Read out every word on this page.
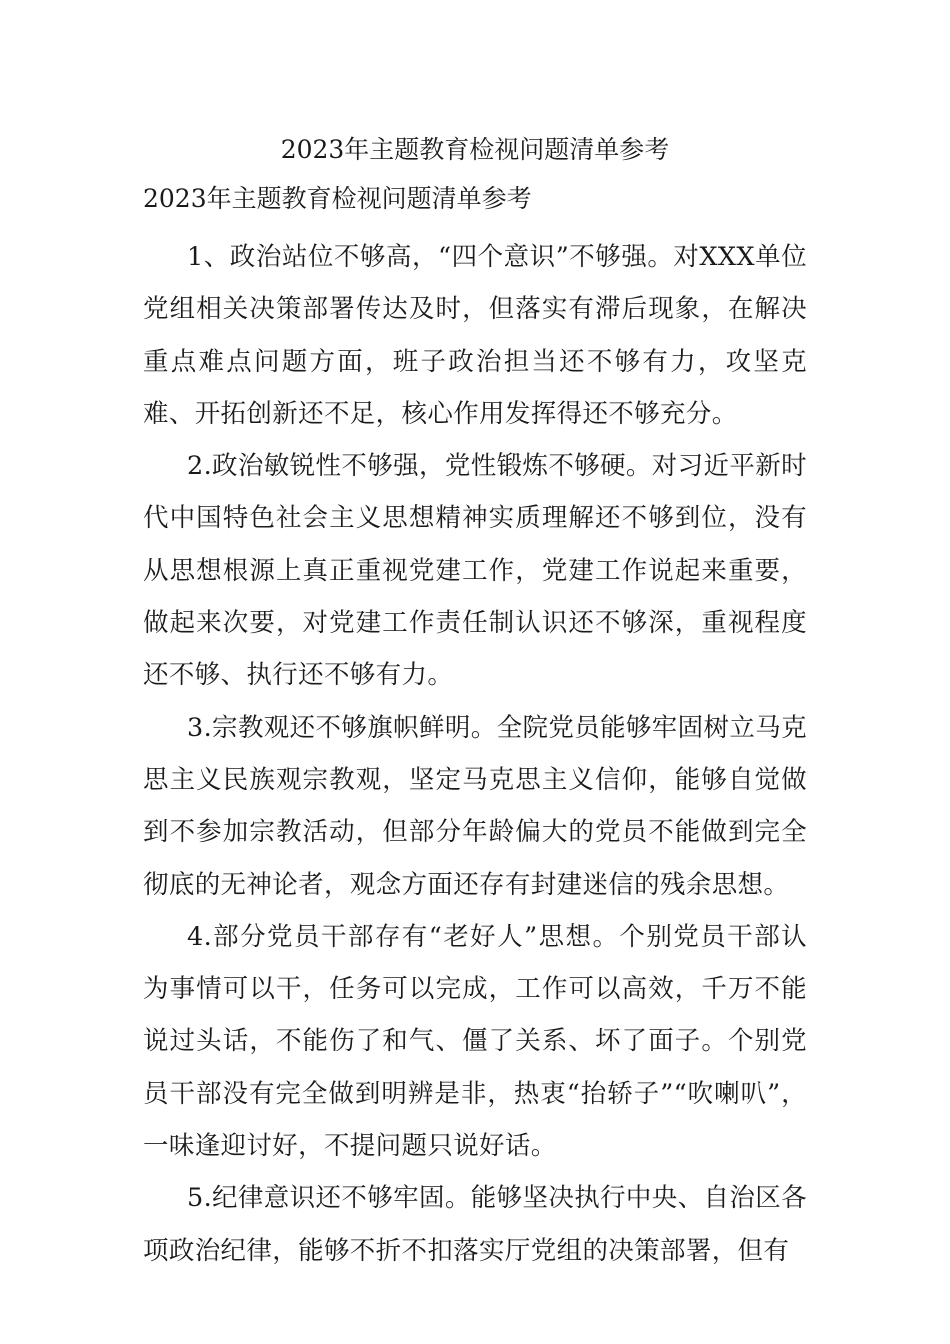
2023年主题教育检视问题清单参考
2023年主题教育检视问题清单参考

1、政治站位不够高，“四个意识”不够强。对XXX单位党组相关决策部署传达及时，但落实有滞后现象，在解决重点难点问题方面，班子政治担当还不够有力，攻坚克难、开拓创新还不足，核心作用发挥得还不够充分。

2.政治敏锐性不够强，党性锻炼不够硬。对习近平新时代中国特色社会主义思想精神实质理解还不够到位，没有从思想根源上真正重视党建工作，党建工作说起来重要，做起来次要，对党建工作责任制认识还不够深，重视程度还不够、执行还不够有力。

3.宗教观还不够旗帜鲜明。全院党员能够牢固树立马克思主义民族观宗教观，坚定马克思主义信仰，能够自觉做到不参加宗教活动，但部分年龄偏大的党员不能做到完全彻底的无神论者，观念方面还存有封建迷信的残余思想。

4.部分党员干部存有“老好人”思想。个别党员干部认为事情可以干，任务可以完成，工作可以高效，千万不能说过头话，不能伤了和气、僵了关系、坏了面子。个别党员干部没有完全做到明辨是非，热衷“抬轿子”“吹喇叭”，一味逢迎讨好，不提问题只说好话。

5.纪律意识还不够牢固。能够坚决执行中央、自治区各项政治纪律，能够不折不扣落实厅党组的决策部署，但有
